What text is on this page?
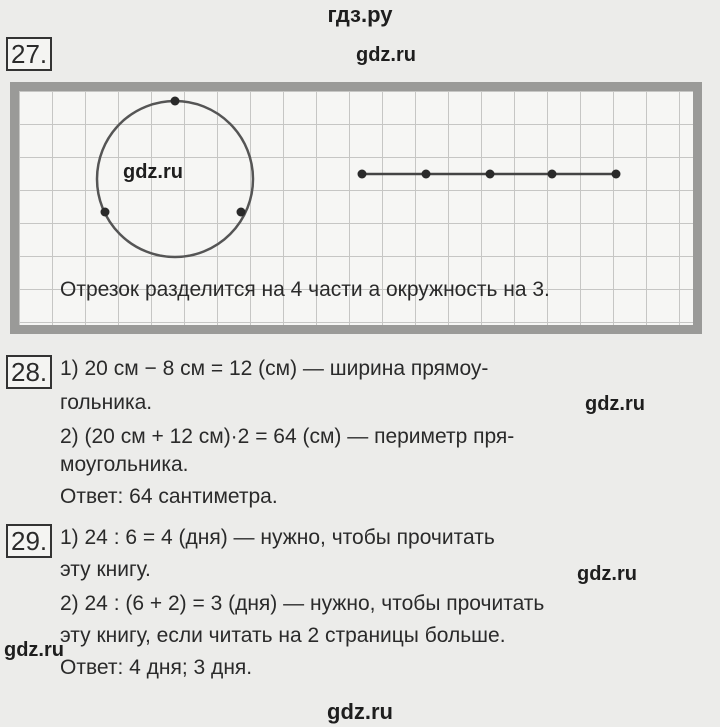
гдз.ру
27.	gdz.ru
gdz.ru
Отрезок разделится на 4 части а окружность на 3.
28. 1) 20 см − 8 см = 12 (см) — ширина прямоу-
гольника.	gdz.ru
2) (20 см + 12 см)·2 = 64 (см) — периметр пря-
моугольника.
Ответ: 64 сантиметра.
29. 1) 24 : 6 = 4 (дня) — нужно, чтобы прочитать
эту книгу.	gdz.ru
2) 24 : (6 + 2) = 3 (дня) — нужно, чтобы прочитать
эту книгу, если читать на 2 страницы больше.
gdz.ru
Ответ: 4 дня; 3 дня.
gdz.ru
